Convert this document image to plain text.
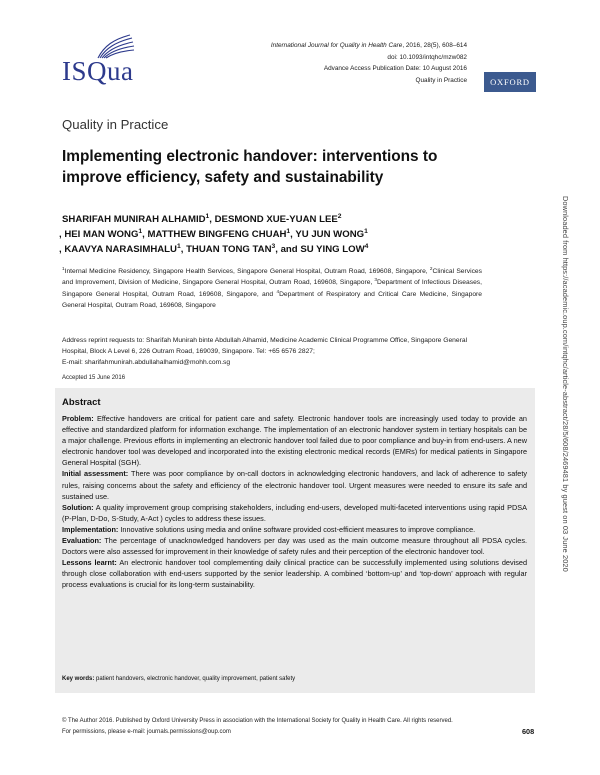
ISQua
International Journal for Quality in Health Care, 2016, 28(5), 608–614
doi: 10.1093/intqhc/mzw082
Advance Access Publication Date: 10 August 2016
Quality in Practice	OXFORD
Quality in Practice
Implementing electronic handover: interventions to improve efficiency, safety and sustainability
SHARIFAH MUNIRAH ALHAMID$^1$, DESMOND XUE-YUAN LEE$^2$
, HEI MAN WONG$^1$, MATTHEW BINGFENG CHUAH$^1$, YU JUN WONG$^1$
, KAAVYA NARASIMHALU$^1$, THUAN TONG TAN$^3$, and SU YING LOW$^4$
$^1$Internal Medicine Residency, Singapore Health Services, Singapore General Hospital, Outram Road, 169608, Singapore, $^2$Clinical Services and Improvement, Division of Medicine, Singapore General Hospital, Outram Road, 169608, Singapore, $^3$Department of Infectious Diseases, Singapore General Hospital, Outram Road, 169608, Singapore, and $^4$Department of Respiratory and Critical Care Medicine, Singapore General Hospital, Outram Road, 169608, Singapore
Address reprint requests to: Sharifah Munirah binte Abdullah Alhamid, Medicine Academic Clinical Programme Office, Singapore General Hospital, Block A Level 6, 226 Outram Road, 169039, Singapore. Tel: +65 6576 2827;
E-mail: sharifahmunirah.abdullahalhamid@mohh.com.sg
Accepted 15 June 2016
Abstract

Problem: Effective handovers are critical for patient care and safety. Electronic handover tools are increasingly used today to provide an effective and standardized platform for information exchange. The implementation of an electronic handover system in tertiary hospitals can be a major challenge. Previous efforts in implementing an electronic handover tool failed due to poor compliance and buy-in from end-users. A new electronic handover tool was developed and incorporated into the existing electronic medical records (EMRs) for medical patients in Singapore General Hospital (SGH).

Initial assessment: There was poor compliance by on-call doctors in acknowledging electronic handovers, and lack of adherence to safety rules, raising concerns about the safety and efficiency of the electronic handover tool. Urgent measures were needed to ensure its safe and sustained use.

Solution: A quality improvement group comprising stakeholders, including end-users, developed multi-faceted interventions using rapid PDSA (P-Plan, D-Do, S-Study, A-Act ) cycles to address these issues.

Implementation: Innovative solutions using media and online software provided cost-efficient measures to improve compliance.

Evaluation: The percentage of unacknowledged handovers per day was used as the main outcome measure throughout all PDSA cycles. Doctors were also assessed for improvement in their knowledge of safety rules and their perception of the electronic handover tool.

Lessons learnt: An electronic handover tool complementing daily clinical practice can be successfully implemented using solutions devised through close collaboration with end-users supported by the senior leadership. A combined ‘bottom-up’ and ‘top-down’ approach with regular process evaluations is crucial for its long-term sustainability.

Key words: patient handovers, electronic handover, quality improvement, patient safety
© The Author 2016. Published by Oxford University Press in association with the International Society for Quality in Health Care. All rights reserved.
For permissions, please e-mail: journals.permissions@oup.com	608
Downloaded from https://academic.oup.com/intqhc/article-abstract/28/5/608/2469481 by guest on 03 June 2020
